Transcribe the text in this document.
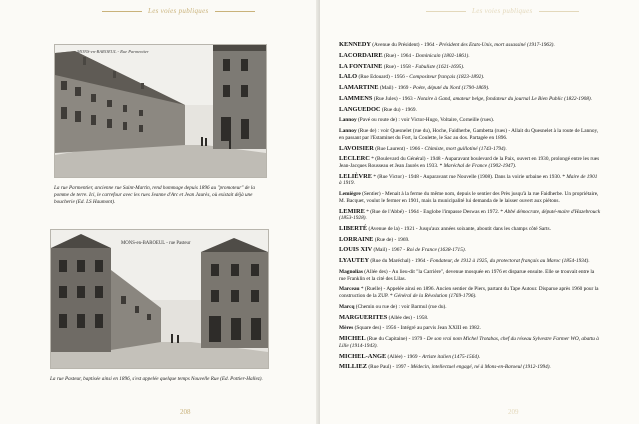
Les voies publiques
MONS-en-BAROEUL - Rue Parmentier
La rue Parmentier, ancienne rue Saint-Martin, rend hommage depuis 1896 au "promoteur" de la pomme de terre. Ici, le carrefour avec les rues Jeanne d'Arc et Jean Jaurès, où existait déjà une boucherie (Ed. LS Haumont).
MONS-en-BAROEUL - rue Pasteur
La rue Pasteur, baptisée ainsi en 1896, s'est appelée quelque temps Nouvelle Rue (Ed. Pottier-Hallez).
208
Les voies publiques
209
KENNEDY (Avenue du Président) - 1964 - Président des Etats-Unis, mort assassiné (1917-1963).
LACORDAIRE (Rue) - 1964 - Dominicain (1802-1861).
LA FONTAINE (Rue) - 1958 - Fabuliste (1621-1695).
LALO (Rue Edouard) - 1956 - Compositeur français (1823-1892).
LAMARTINE (Mail) - 1969 - Poète, député du Nord (1790-1869).
LAMMENS (Rue Jules) - 1963 - Notaire à Gand, amateur belge, fondateur du journal Le Bien Public (1822-1908).
LANGUEDOC (Rue du) - 1969.
Lannoy (Pavé ou route de) : voir Victor-Hugo, Voltaire, Corneille (rues).
Lannoy (Rue de) : voir Quesnelet (rue du), Hoche, Faidherbe, Gambetta (rues) - Allait du Quesnelet à la route de Lannoy, en passant par l'Estaminet du Fort, la Coulette, le Sac au dos. Partagée en 1896.
LAVOISIER (Rue Laurent) - 1966 - Chimiste, mort guillotiné (1743-1794).
LECLERC * (Boulevard du Général) - 1948 - Auparavant boulevard de la Paix, ouvert en 1930, prolongé entre les rues Jean-Jacques Rousseau et Jean Jaurès en 1933. * Maréchal de France (1902-1947).
LELIÈVRE * (Rue Victor) - 1948 - Auparavant rue Nouvelle (1908). Dans la voirie urbaine en 1930. * Maire de 1901 à 1919.
Lemiègre (Sentier) - Menait à la ferme du même nom, depuis le sentier des Près jusqu'à la rue Faidherbe. Un propriétaire, M. Bacquet, voulut le fermer en 1901, mais la municipalité lui demanda de le laisser ouvert aux piétons.
LEMIRE * (Rue de l'Abbé) - 1964 - Englobe l'impasse Deswas en 1972. * Abbé démocrate, député-maire d'Hazebrouck (1853-1928).
LIBERTÉ (Avenue de la) - 1921 - Jusqu'aux années soixante, aboutit dans les champs côté Sarts.
LORRAINE (Rue de) - 1969.
LOUIS XIV (Mail) - 1967 - Roi de France (1638-1715).
LYAUTEY (Rue du Maréchal) - 1964 - Fondateur, de 1912 à 1925, du protectorat français au Maroc (1854-1934).
Magnolias (Allée des) - Au lieu-dit "la Carrière", devenue mosquée en 1976 et disparue ensuite. Elle se trouvait entre la rue Franklin et la cité des Lilas.
Marceau * (Ruelle) - Appelée ainsi en 1896. Ancien sentier de Piers, partant du Tape Autour. Disparue après 1960 pour la construction de la ZUP. * Général de la Révolution (1769-1796).
Marcq (Chemin ou rue de) : voir Barmul (rue du).
MARGUERITES (Allée des) - 1958.
Mères (Square des) - 1956 - Intégré au parvis Jean XXIII en 1982.
MICHEL (Rue du Capitaine) - 1979 - De son vrai nom Michel Trotabas, chef du réseau Sylvestre Farmer WO, abattu à Lille (1914-1943).
MICHEL-ANGE (Allée) - 1969 - Artiste italien (1475-1564).
MILLIEZ (Rue Paul) - 1997 - Médecin, intellectuel engagé, né à Mons-en-Baroeul (1912-1994).
